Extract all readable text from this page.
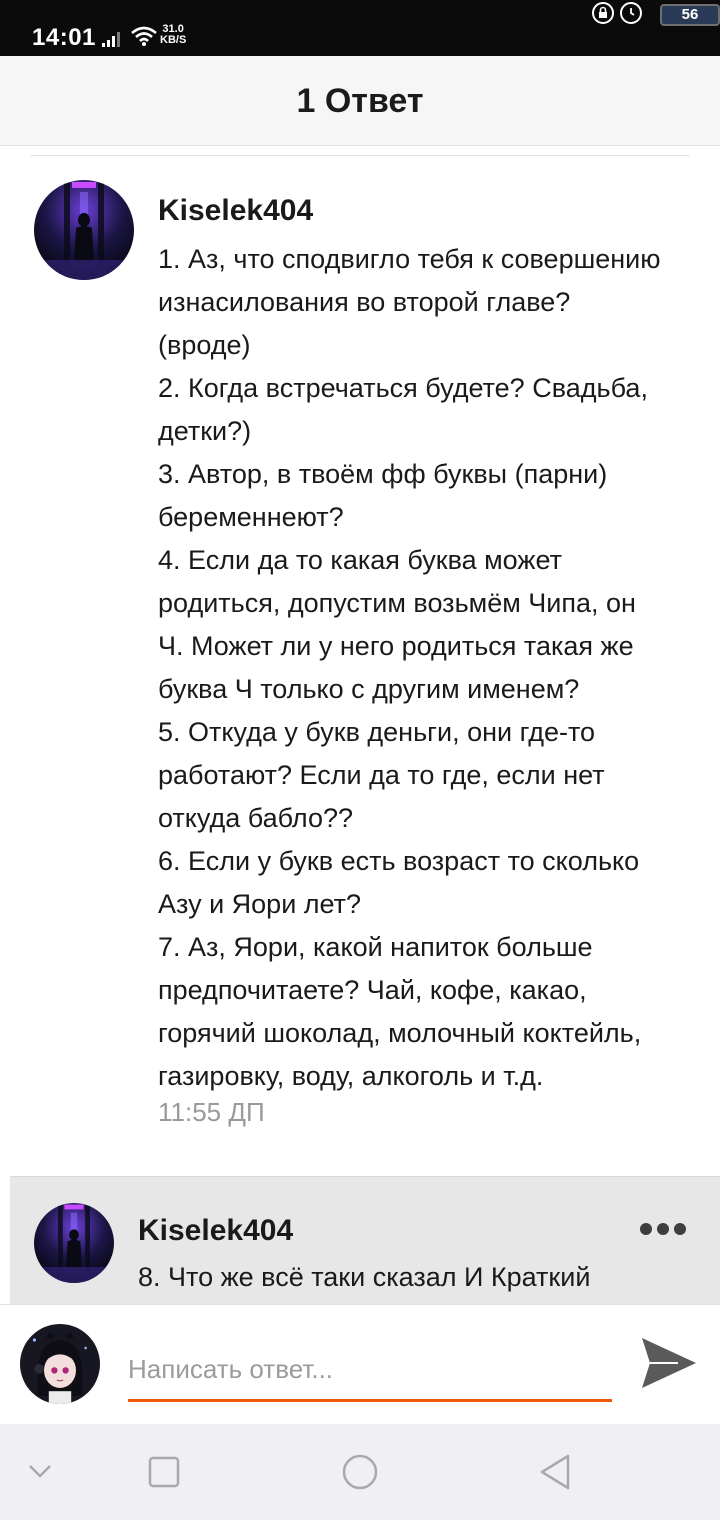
14:01	31.0
KB/S
56
1 Ответ
Kiselek404
1. Аз, что сподвигло тебя к совершению
изнасилования во второй главе?
(вроде)
2. Когда встречаться будете? Свадьба,
детки?)
3. Автор, в твоём фф буквы (парни)
беременнеют?
4. Если да то какая буква может
родиться, допустим возьмём Чипа, он
Ч. Может ли у него родиться такая же
буква Ч только с другим именем?
5. Откуда у букв деньги, они где-то
работают? Если да то где, если нет
откуда бабло??
6. Если у букв есть возраст то сколько
Азу и Яори лет?
7. Аз, Яори, какой напиток больше
предпочитаете? Чай, кофе, какао,
горячий шоколад, молочный коктейль,
газировку, воду, алкоголь и т.д.
11:55 ДП
Kiselek404
8. Что же всё таки сказал И Краткий
Написать ответ...
